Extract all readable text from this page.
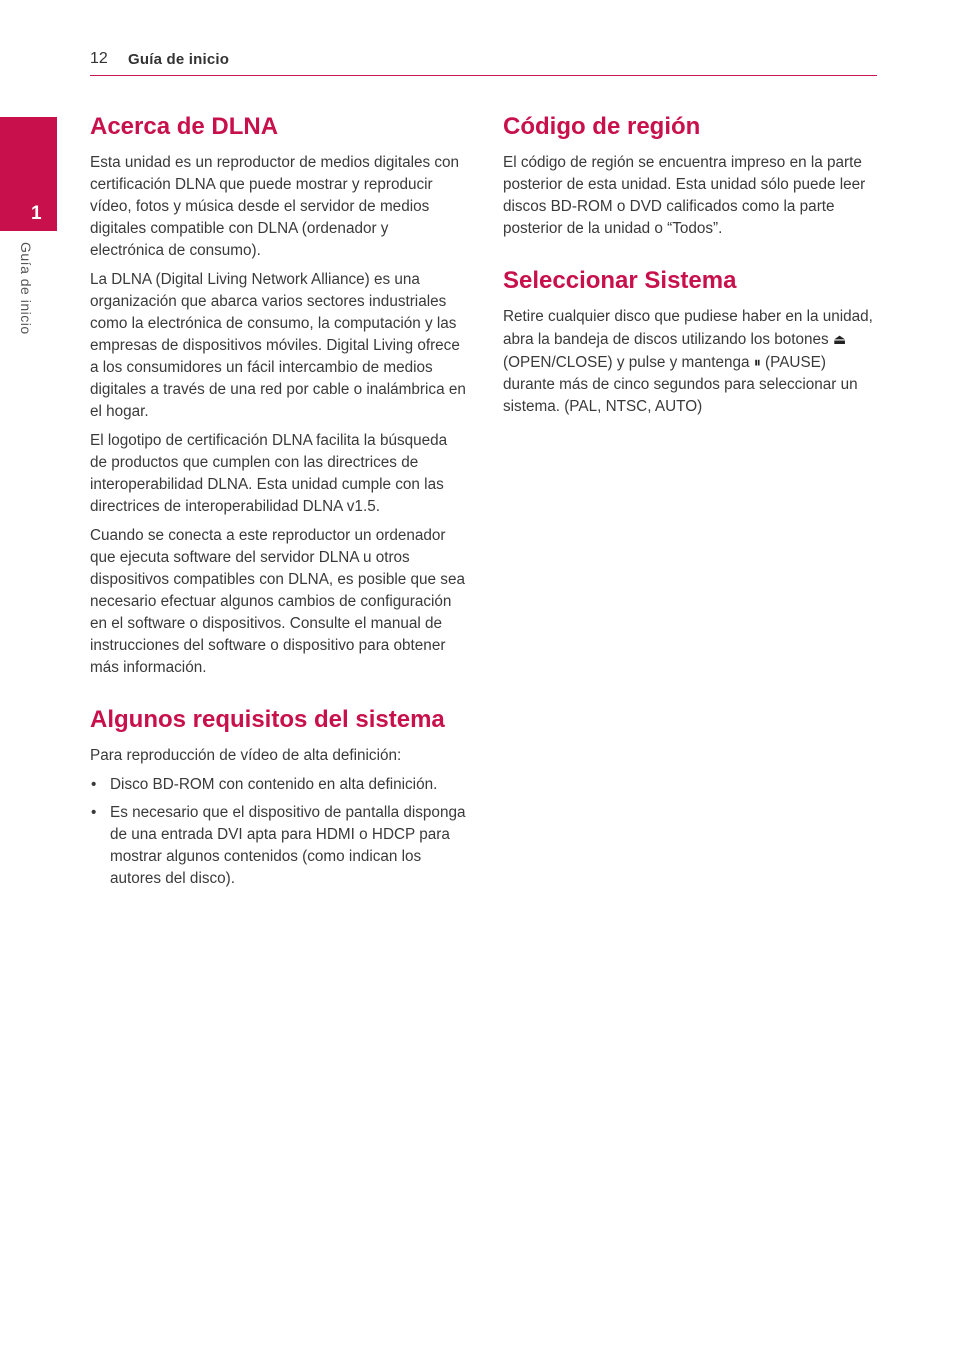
12 Guía de inicio
1
Guía de inicio
Acerca de DLNA

Esta unidad es un reproductor de medios digitales con certificación DLNA que puede mostrar y reproducir vídeo, fotos y música desde el servidor de medios digitales compatible con DLNA (ordenador y electrónica de consumo).

La DLNA (Digital Living Network Alliance) es una organización que abarca varios sectores industriales como la electrónica de consumo, la computación y las empresas de dispositivos móviles. Digital Living ofrece a los consumidores un fácil intercambio de medios digitales a través de una red por cable o inalámbrica en el hogar.

El logotipo de certificación DLNA facilita la búsqueda de productos que cumplen con las directrices de interoperabilidad DLNA. Esta unidad cumple con las directrices de interoperabilidad DLNA v1.5.

Cuando se conecta a este reproductor un ordenador que ejecuta software del servidor DLNA u otros dispositivos compatibles con DLNA, es posible que sea necesario efectuar algunos cambios de configuración en el software o dispositivos. Consulte el manual de instrucciones del software o dispositivo para obtener más información.

Algunos requisitos del sistema

Para reproducción de vídeo de alta definición:

• Disco BD-ROM con contenido en alta definición.
• Es necesario que el dispositivo de pantalla disponga de una entrada DVI apta para HDMI o HDCP para mostrar algunos contenidos (como indican los autores del disco).
Código de región

El código de región se encuentra impreso en la parte posterior de esta unidad. Esta unidad sólo puede leer discos BD-ROM o DVD calificados como la parte posterior de la unidad o “Todos”.

Seleccionar Sistema

Retire cualquier disco que pudiese haber en la unidad, abra la bandeja de discos utilizando los botones ⏏ (OPEN/CLOSE) y pulse y mantenga ⏸ (PAUSE) durante más de cinco segundos para seleccionar un sistema. (PAL, NTSC, AUTO)
